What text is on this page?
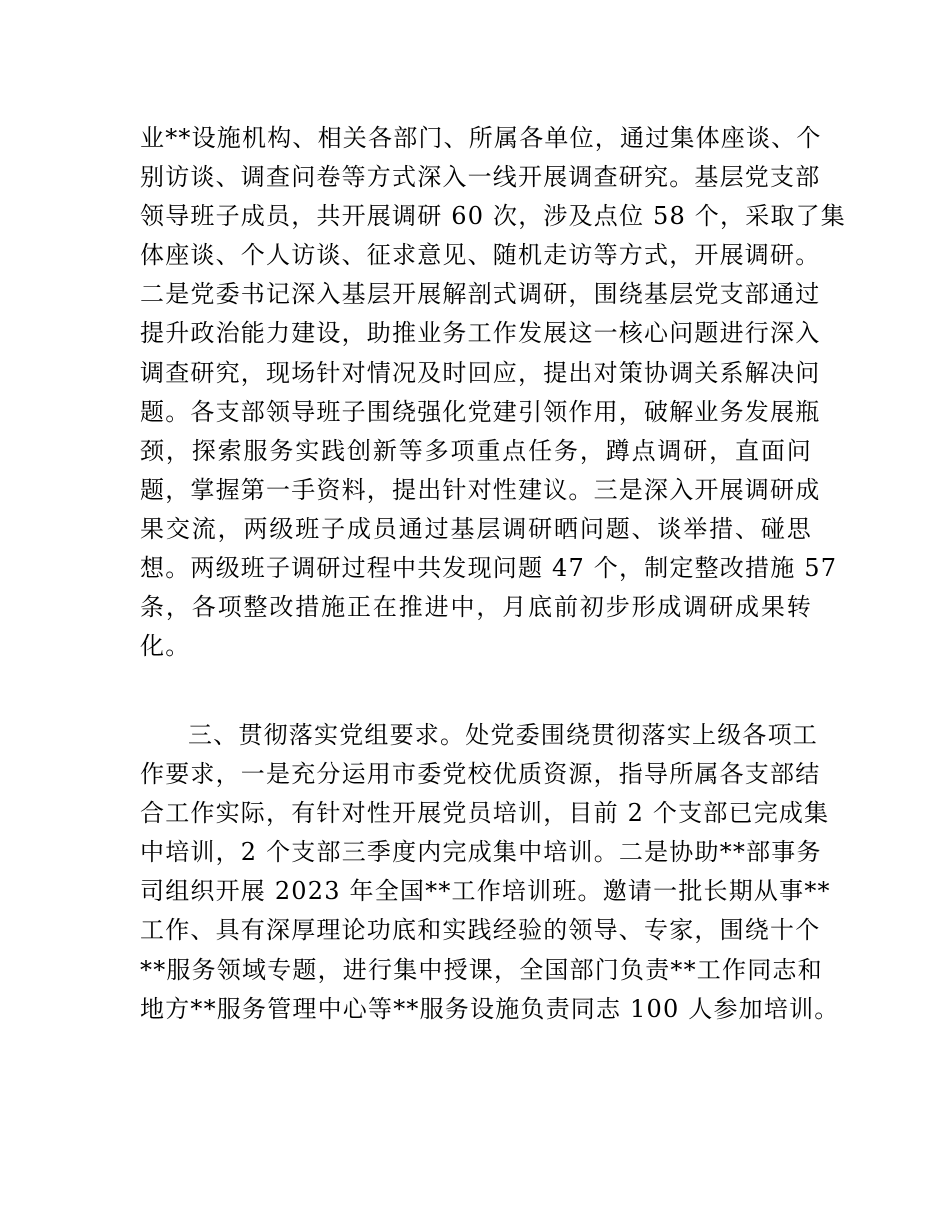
业**设施机构、相关各部门、所属各单位，通过集体座谈、个
别访谈、调查问卷等方式深入一线开展调查研究。基层党支部
领导班子成员，共开展调研 60 次，涉及点位 58 个，采取了集
体座谈、个人访谈、征求意见、随机走访等方式，开展调研。
二是党委书记深入基层开展解剖式调研，围绕基层党支部通过
提升政治能力建设，助推业务工作发展这一核心问题进行深入
调查研究，现场针对情况及时回应，提出对策协调关系解决问
题。各支部领导班子围绕强化党建引领作用，破解业务发展瓶
颈，探索服务实践创新等多项重点任务，蹲点调研，直面问
题，掌握第一手资料，提出针对性建议。三是深入开展调研成
果交流，两级班子成员通过基层调研晒问题、谈举措、碰思
想。两级班子调研过程中共发现问题 47 个，制定整改措施 57
条，各项整改措施正在推进中，月底前初步形成调研成果转
化。
三、贯彻落实党组要求。处党委围绕贯彻落实上级各项工
作要求，一是充分运用市委党校优质资源，指导所属各支部结
合工作实际，有针对性开展党员培训，目前 2 个支部已完成集
中培训，2 个支部三季度内完成集中培训。二是协助**部事务
司组织开展 2023 年全国**工作培训班。邀请一批长期从事**
工作、具有深厚理论功底和实践经验的领导、专家，围绕十个
**服务领域专题，进行集中授课，全国部门负责**工作同志和
地方**服务管理中心等**服务设施负责同志 100 人参加培训。
